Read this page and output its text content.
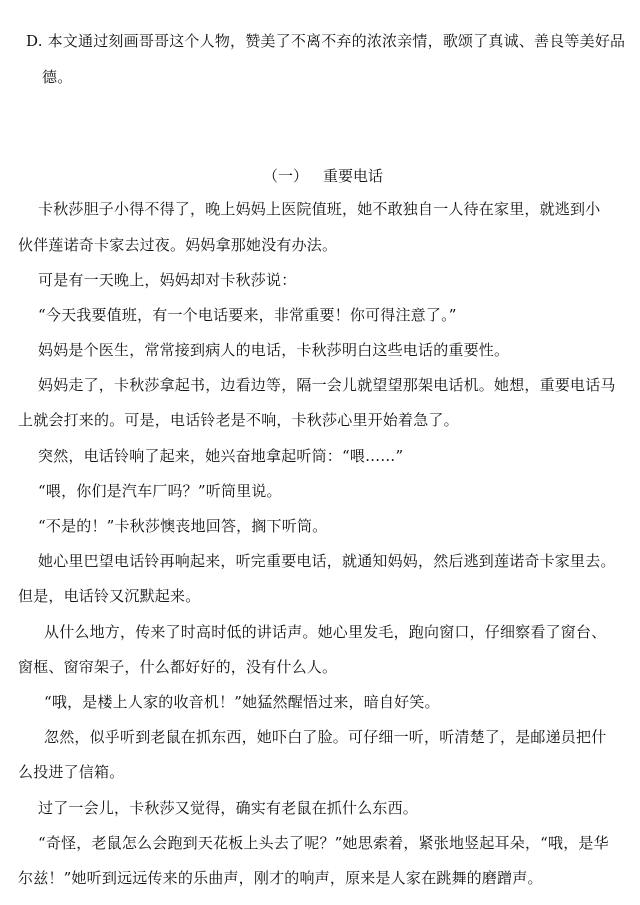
D. 本文通过刻画哥哥这个人物，赞美了不离不弃的浓浓亲情，歌颂了真诚、善良等美好品
德。
（一） 重要电话
卡秋莎胆子小得不得了，晚上妈妈上医院值班，她不敢独自一人待在家里，就逃到小
伙伴莲诺奇卡家去过夜。妈妈拿那她没有办法。
可是有一天晚上，妈妈却对卡秋莎说：
“今天我要值班，有一个电话要来，非常重要！你可得注意了。”
妈妈是个医生，常常接到病人的电话，卡秋莎明白这些电话的重要性。
妈妈走了，卡秋莎拿起书，边看边等，隔一会儿就望望那架电话机。她想，重要电话马
上就会打来的。可是，电话铃老是不响，卡秋莎心里开始着急了。
突然，电话铃响了起来，她兴奋地拿起听筒：“喂……”
“喂，你们是汽车厂吗？”听筒里说。
“不是的！”卡秋莎懊丧地回答，搁下听筒。
她心里巴望电话铃再响起来，听完重要电话，就通知妈妈，然后逃到莲诺奇卡家里去。
但是，电话铃又沉默起来。
从什么地方，传来了时高时低的讲话声。她心里发毛，跑向窗口，仔细察看了窗台、
窗框、窗帘架子，什么都好好的，没有什么人。
“哦，是楼上人家的收音机！”她猛然醒悟过来，暗自好笑。
忽然，似乎听到老鼠在抓东西，她吓白了脸。可仔细一听，听清楚了，是邮递员把什
么投进了信箱。
过了一会儿，卡秋莎又觉得，确实有老鼠在抓什么东西。
“奇怪，老鼠怎么会跑到天花板上头去了呢？”她思索着，紧张地竖起耳朵，“哦，是华
尔兹！”她听到远远传来的乐曲声，刚才的响声，原来是人家在跳舞的磨蹭声。
